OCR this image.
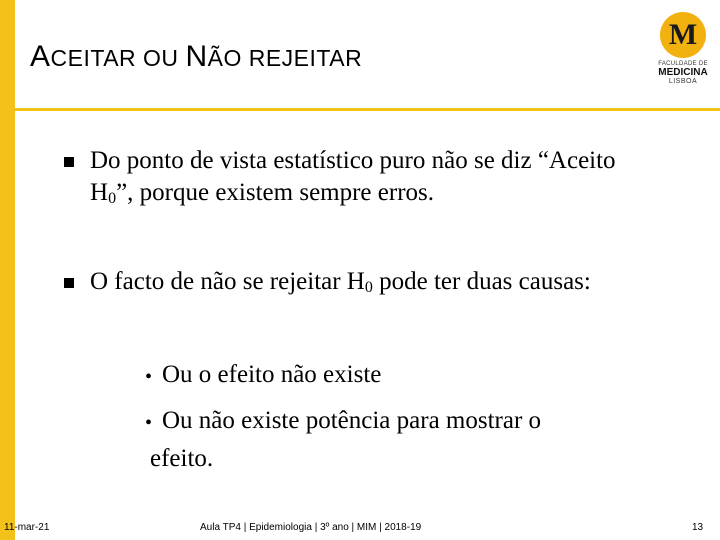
ACEITAR OU NÃO REJEITAR
M
FACULDADE DE
MEDICINA
LISBOA
Do ponto de vista estatístico puro não se diz “Aceito $H_0$”, porque existem sempre erros.
O facto de não se rejeitar $H_0$ pode ter duas causas:
• Ou o efeito não existe
• Ou não existe potência para mostrar o
efeito.
11-mar-21	Aula TP4 | Epidemiologia | 3º ano | MIM | 2018-19	13
